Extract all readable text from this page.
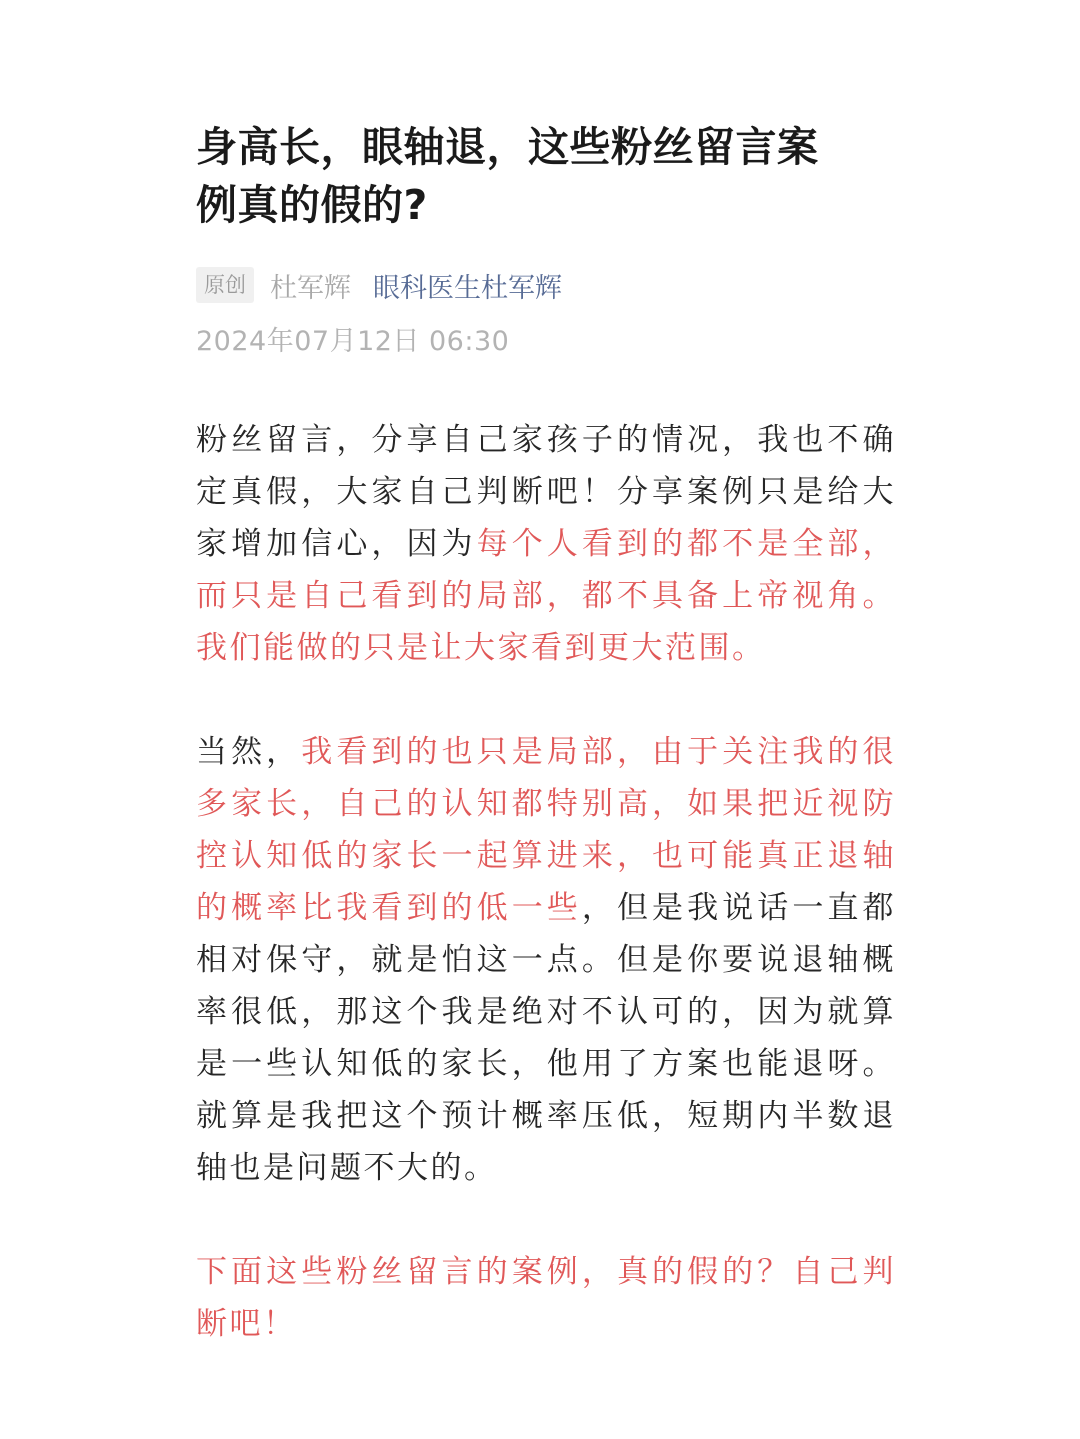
身高长，眼轴退，这些粉丝留言案例真的假的?
原创 杜军辉 眼科医生杜军辉
2024年07月12日 06:30

粉丝留言，分享自己家孩子的情况，我也不确定真假，大家自己判断吧！分享案例只是给大家增加信心，因为每个人看到的都不是全部，而只是自己看到的局部，都不具备上帝视角。我们能做的只是让大家看到更大范围。

当然，我看到的也只是局部，由于关注我的很多家长，自己的认知都特别高，如果把近视防控认知低的家长一起算进来，也可能真正退轴的概率比我看到的低一些，但是我说话一直都相对保守，就是怕这一点。但是你要说退轴概率很低，那这个我是绝对不认可的，因为就算是一些认知低的家长，他用了方案也能退呀。就算是我把这个预计概率压低，短期内半数退轴也是问题不大的。

下面这些粉丝留言的案例，真的假的？自己判断吧！
